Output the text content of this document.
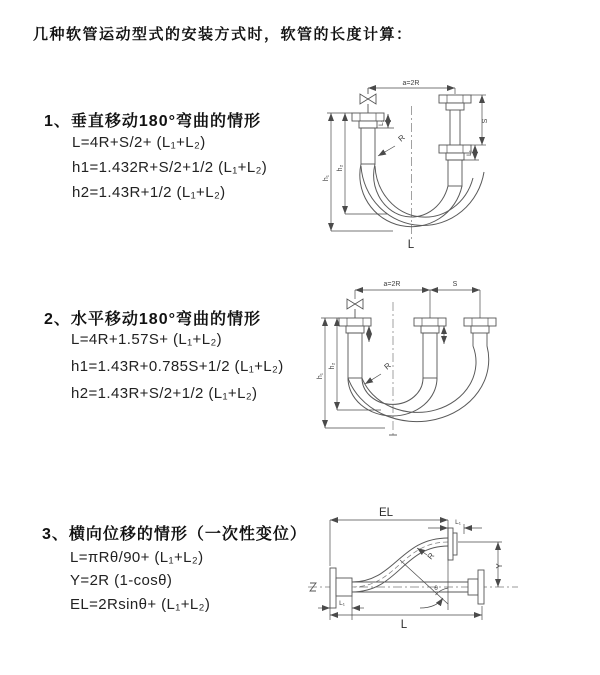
几种软管运动型式的安装方式时，软管的长度计算：
1、垂直移动180°弯曲的情形
L=4R+S/2+ (L₁+L₂)
h1=1.432R+S/2+1/2 (L₁+L₂)
h2=1.43R+1/2 (L₁+L₂)
2、水平移动180°弯曲的情形
L=4R+1.57S+ (L₁+L₂)
h1=1.43R+0.785S+1/2 (L₁+L₂)
h2=1.43R+S/2+1/2 (L₁+L₂)
3、横向位移的情形（一次性变位）
L=πRθ/90+ (L₁+L₂)
Y=2R (1-cosθ)
EL=2Rsinθ+ (L₁+L₂)
a=2R
h₁
h₂
L₁	S
L₁
R
L
a=2R	S
h₁
h₂	R
EL
L₁
Y
R
θ
L₁
L
